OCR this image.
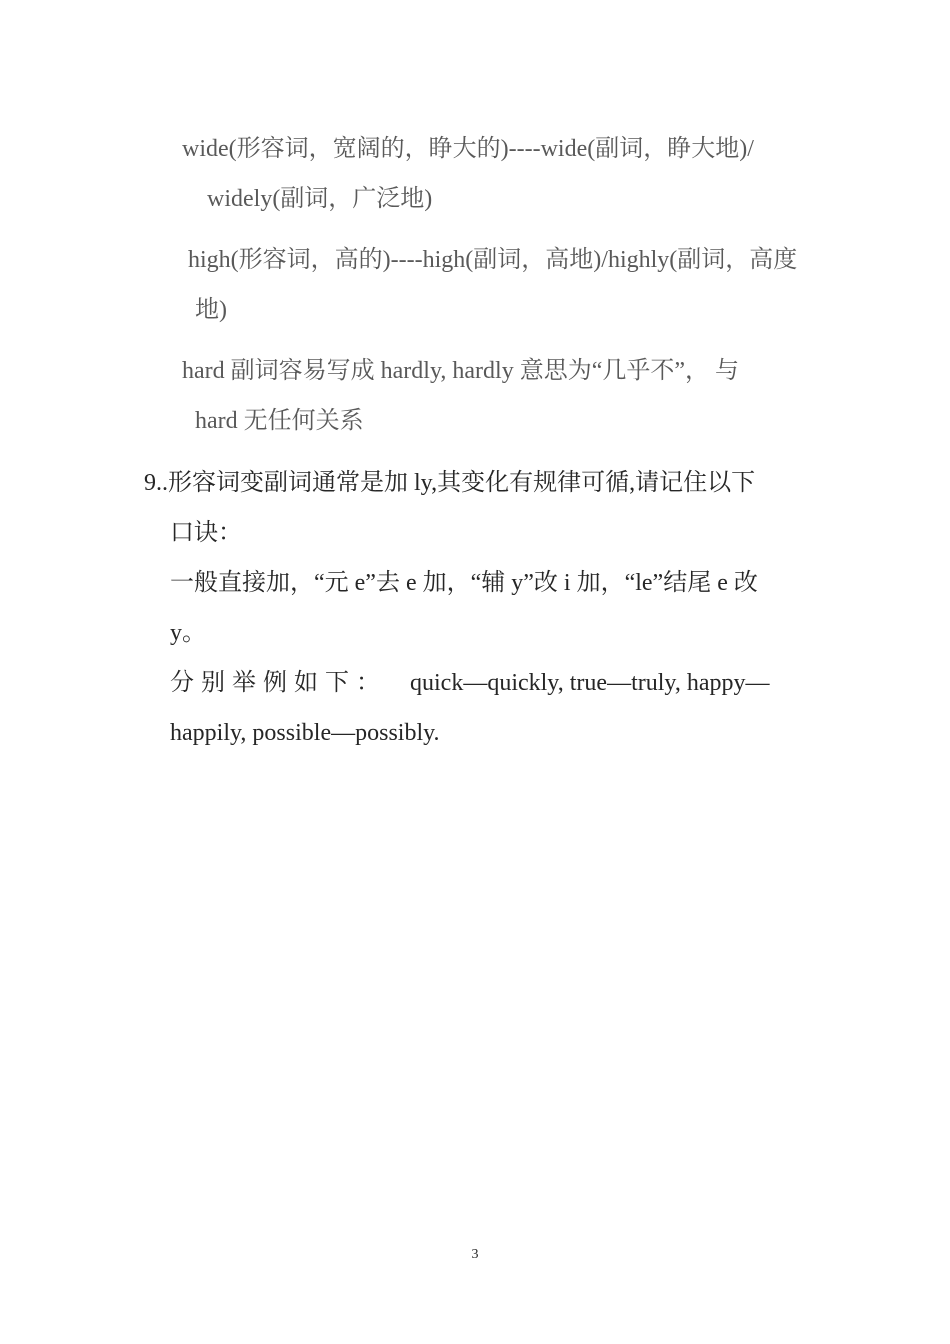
wide(形容词，宽阔的，睁大的)----wide(副词，睁大地)/
widely(副词，广泛地)
high(形容词，高的)----high(副词，高地)/highly(副词，高度
地)
hard 副词容易写成 hardly, hardly 意思为“几乎不”， 与
hard 无任何关系
9..形容词变副词通常是加 ly,其变化有规律可循,请记住以下
口诀：
一般直接加，“元 e”去 e 加，“辅 y”改 i 加，“le”结尾 e 改
y。
分别举例如下： quick—quickly, true—truly, happy—
happily, possible—possibly.
3
